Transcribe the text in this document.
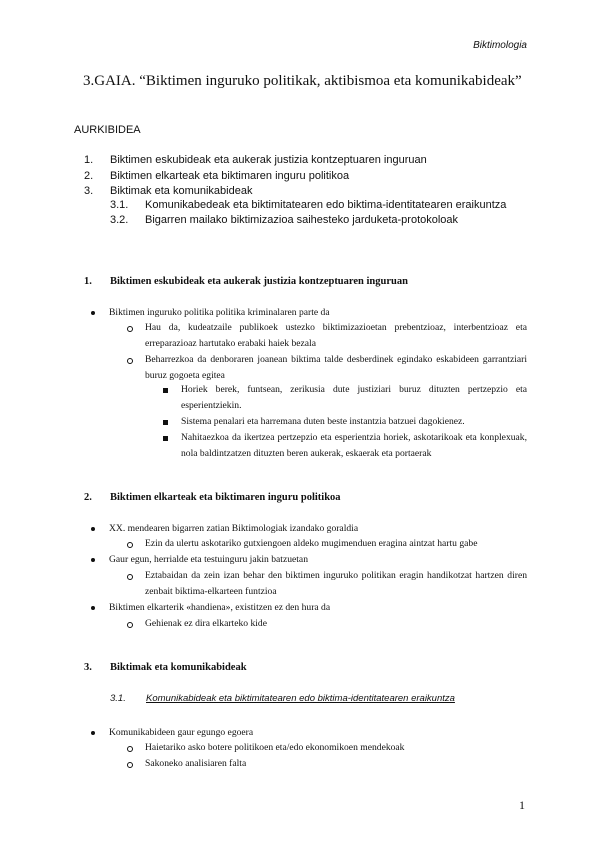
Biktimologia
3.GAIA. “Biktimen inguruko politikak, aktibismoa eta komunikabideak”
AURKIBIDEA
1. Biktimen eskubideak eta aukerak justizia kontzeptuaren inguruan
2. Biktimen elkarteak eta biktimaren inguru politikoa
3. Biktimak eta komunikabideak
3.1. Komunikabedeak eta biktimitatearen edo biktima-identitatearen eraikuntza
3.2. Bigarren mailako biktimizazioa saihesteko jarduketa-protokoloak
1. Biktimen eskubideak eta aukerak justizia kontzeptuaren inguruan
Biktimen inguruko politika politika kriminalaren parte da
Hau da, kudeatzaile publikoek ustezko biktimizazioetan prebentzioaz, interbentzioaz eta erreparazioaz hartutako erabaki haiek bezala
Beharrezkoa da denboraren joanean biktima talde desberdinek egindako eskabideen garrantziari buruz gogoeta egitea
Horiek berek, funtsean, zerikusia dute justiziari buruz dituzten pertzepzio eta esperientziekin.
Sistema penalari eta harremana duten beste instantzia batzuei dagokienez.
Nahitaezkoa da ikertzea pertzepzio eta esperientzia horiek, askotarikoak eta konplexuak, nola baldintzatzen dituzten beren aukerak, eskaerak eta portaerak
2. Biktimen elkarteak eta biktimaren inguru politikoa
XX. mendearen bigarren zatian Biktimologiak izandako goraldia
Ezin da ulertu askotariko gutxiengoen aldeko mugimenduen eragina aintzat hartu gabe
Gaur egun, herrialde eta testuinguru jakin batzuetan
Eztabaidan da zein izan behar den biktimen inguruko politikan eragin handikotzat hartzen diren zenbait biktima-elkarteen funtzioa
Biktimen elkarterik «handiena», existitzen ez den hura da
Gehienak ez dira elkarteko kide
3. Biktimak eta komunikabideak
3.1. Komunikabideak eta biktimitatearen edo biktima-identitatearen eraikuntza
Komunikabideen gaur egungo egoera
Haietariko asko botere politikoen eta/edo ekonomikoen mendekoak
Sakoneko analisiaren falta
1
